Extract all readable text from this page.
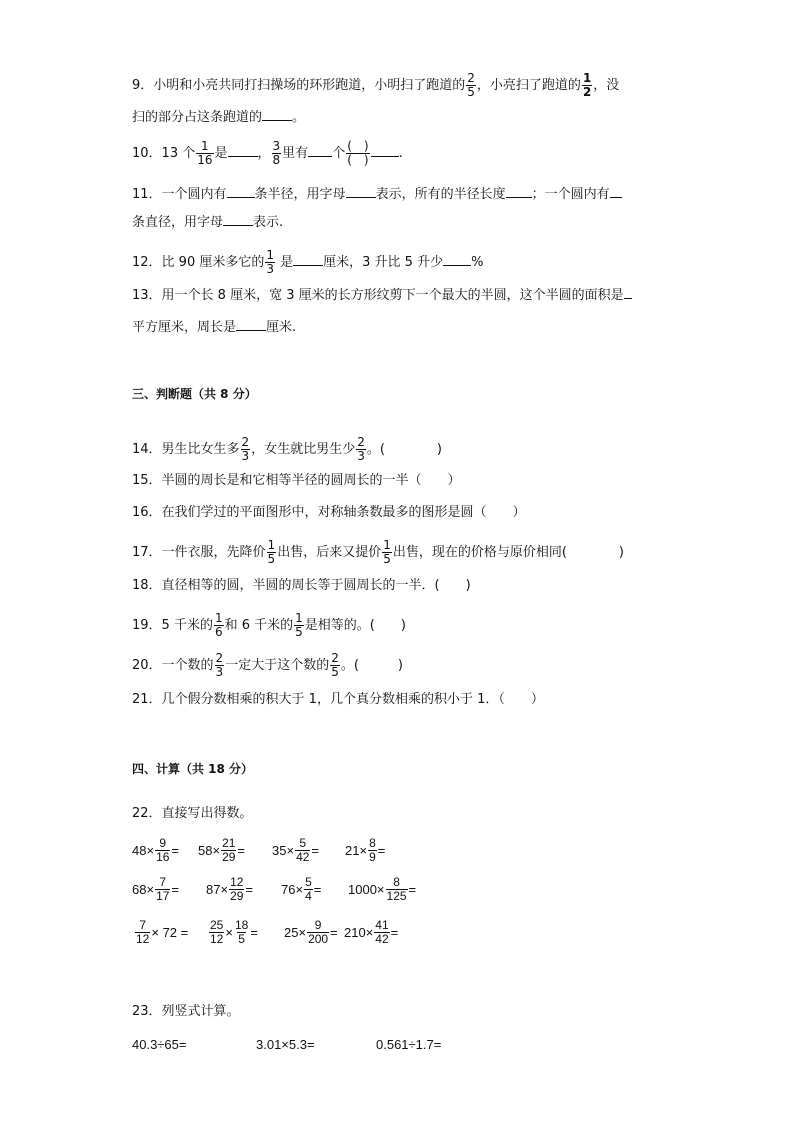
9．小明和小亮共同打扫操场的环形跑道，小明扫了跑道的 $\frac{2}{5}$ ，小亮扫了跑道的 $\frac{1}{2}$ ，没
扫的部分占这条跑道的 。
10．13 个 $\frac{1}{16}$ 是 ， $\frac{3}{8}$ 里有 个 $\frac{( )}{( )}$ .
11．一个圆内有 条半径，用字母 表示，所有的半径长度 ；一个圆内有
条直径，用字母 表示.
12．比 90 厘米多它的 $\frac{1}{3}$ 是 厘米，3 升比 5 升少 %
13．用一个长 8 厘米，宽 3 厘米的长方形纹剪下一个最大的半圆，这个半圆的面积是
平方厘米，周长是 厘米.
三、判断题（共 8 分）
14．男生比女生多 $\frac{2}{3}$ ，女生就比男生少 $\frac{2}{3}$ 。(　　　　)
15．半圆的周长是和它相等半径的圆周长的一半（　　）
16．在我们学过的平面图形中，对称轴条数最多的图形是圆（　　）
17．一件衣服，先降价 $\frac{1}{5}$ 出售，后来又提价 $\frac{1}{5}$ 出售，现在的价格与原价相同(　　　　)
18．直径相等的圆，半圆的周长等于圆周长的一半．(　　)
19．5 千米的 $\frac{1}{6}$ 和 6 千米的 $\frac{1}{5}$ 是相等的。(　　)
20．一个数的 $\frac{2}{3}$ 一定大于这个数的 $\frac{2}{5}$ 。(　　　)
21．几个假分数相乘的积大于 1，几个真分数相乘的积小于 1．（　　）
四、计算（共 18 分）
22．直接写出得数。
$48\times \frac{9}{16} = 58\times \frac{21}{29} = 35\times \frac{5}{42} = 21\times \frac{8}{9}$ =
$68\times \frac{7}{17} = 87\times \frac{12}{29} = 76\times \frac{5}{4} = 1000\times \frac{8}{125}$ =
$\frac{7}{12} \times 72 = \frac{25}{12} \times \frac{18}{5} = 25\times \frac{9}{200} = 210\times \frac{41}{42}$ =
23．列竖式计算。
40.3÷65=	3.01×5.3=	0.561÷1.7=
